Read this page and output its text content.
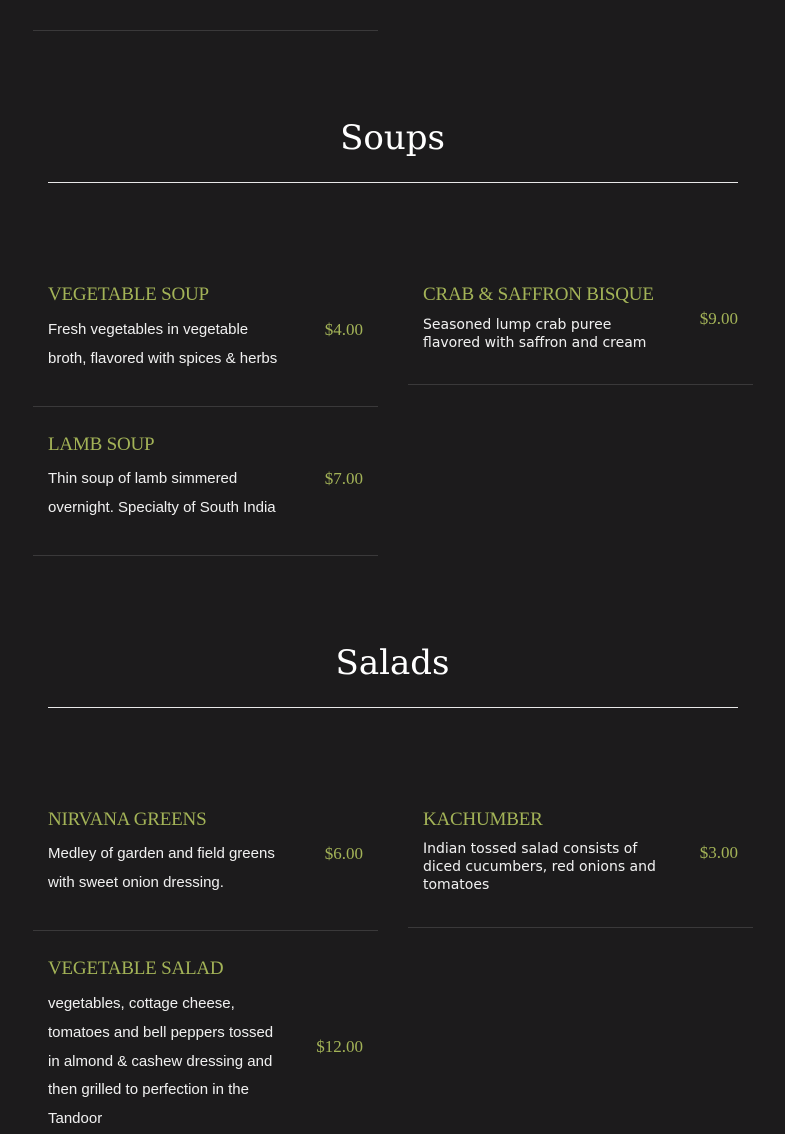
Soups
VEGETABLE SOUP
Fresh vegetables in vegetable broth, flavored with spices & herbs
$4.00
CRAB & SAFFRON BISQUE
Seasoned lump crab puree flavored with saffron and cream
$9.00
LAMB SOUP
Thin soup of lamb simmered overnight. Specialty of South India
$7.00
Salads
NIRVANA GREENS
Medley of garden and field greens with sweet onion dressing.
$6.00
KACHUMBER
Indian tossed salad consists of diced cucumbers, red onions and tomatoes
$3.00
VEGETABLE SALAD
vegetables, cottage cheese, tomatoes and bell peppers tossed in almond & cashew dressing and then grilled to perfection in the Tandoor
$12.00
